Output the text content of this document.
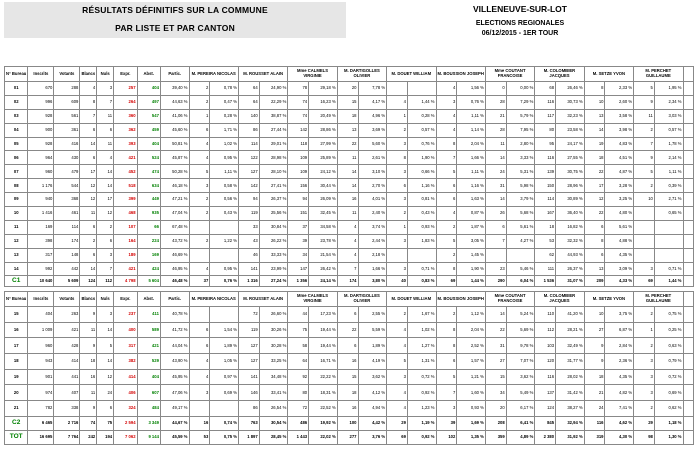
RÉSULTATS DÉFINITIFS SUR LA COMMUNE
PAR LISTE ET PAR CANTON
VILLENEUVE-SUR-LOT
ELECTIONS REGIONALES
06/12/2015 - 1ER TOUR
N° Bureau	Inscrits	Votants	Blancs	Nuls	Expr.	Abst.	Partic.	M. PEREIRA NICOLAS		M. ROUSSET ALAIN		Mme CALMELS VIRGINIE		M. DARTIGOLLES OLIVIER		M. DOUET WILLIAM		M. BOUSSION JOSEPH		Mme COUTANT FRANCOISE		M. COLOMBIER JACQUES		M. SETZE YVON		M. PERCHET GUILLAUME		
01	670	288	4	3	257	404	39,40 %	2	0,78 %	64	24,90 %	78	29,18 %	20	7,78 %			4	1,56 %	0	0,00 %	68	26,46 %	8	2,33 %	5	1,95 %	
02	996	609	8	7	264	497	44,63 %	2	0,47 %	64	22,29 %	74	16,23 %	15	4,17 %	4	1,44 %	3	0,76 %	28	7,29 %	116	30,73 %	10	2,60 %	9	2,34 %	
03	928	561	7	11	360	547	41,06 %	1	0,28 %	140	38,87 %	74	20,49 %	18	4,96 %	1	0,28 %	4	1,11 %	21	5,79 %	117	32,23 %	13	3,58 %	11	3,03 %	
04	900	361	6	6	362	459	45,60 %	6	1,71 %	86	27,44 %	142	28,86 %	13	3,69 %	2	0,57 %	4	1,14 %	28	7,95 %	80	23,58 %	14	3,98 %	2	0,57 %	
05	928	416	14	11	393	404	50,81 %	4	1,02 %	114	29,01 %	118	27,99 %	22	5,60 %	3	0,76 %	8	2,04 %	11	2,80 %	95	24,17 %	19	4,83 %	7	1,78 %	
06	964	430	6	4	421	524	45,87 %	4	0,95 %	122	28,98 %	109	25,89 %	11	2,61 %	8	1,90 %	7	1,66 %	14	3,33 %	116	27,55 %	18	4,51 %	9	2,14 %	
07	960	479	17	14	452	474	50,28 %	5	1,11 %	127	28,10 %	109	24,12 %	14	3,10 %	3	0,66 %	5	1,11 %	24	5,31 %	139	30,75 %	22	4,87 %	5	1,11 %	
08	1 176	544	12	14	518	634	46,18 %	3	0,58 %	142	27,41 %	156	30,44 %	14	2,70 %	6	1,16 %	6	1,16 %	31	5,98 %	150	28,96 %	17	3,28 %	2	0,39 %	
09	940	368	12	17	399	449	47,21 %	2	0,56 %	94	26,37 %	94	26,09 %	16	4,01 %	3	0,81 %	6	1,63 %	14	3,79 %	114	30,89 %	12	3,25 %	10	2,71 %	
10	1 416	461	11	12	468	935	47,04 %	2	0,43 %	119	25,56 %	151	32,45 %	11	2,40 %	2	0,43 %	4	0,87 %	26	5,68 %	167	36,40 %	22	4,80 %		0,65 %	
11	169	114	6	2	107	66	67,48 %			33	30,84 %	37	34,58 %	4	3,74 %	1	0,93 %	2	1,87 %	6	5,61 %	18	16,82 %	6	5,61 %			
12	398	174	2	6	164	224	43,72 %	2	1,22 %	43	26,22 %	39	23,78 %	4	2,44 %	3	1,83 %	5	3,05 %	7	4,27 %	53	32,32 %	8	4,88 %			
13	317	148	6	3	189	169	46,69 %			46	33,33 %	34	21,54 %	4	2,18 %			2	1,45 %			62	44,93 %	6	4,35 %			
14	992	442	14	7	421	424	46,95 %	4	0,95 %	141	23,99 %	147	26,42 %	7	1,66 %	3	0,71 %	8	1,90 %	23	5,46 %	111	26,37 %	13	3,09 %	3	0,71 %	
C1	10 640	5 609	124	112	4 798	5 604	46,48 %	37	0,76 %	1 316	27,24 %	1 356	24,14 %	174	3,80 %	40	0,83 %	69	1,44 %	290	6,04 %	1 536	31,07 %	209	4,33 %	69	1,44 %	
N° Bureau	Inscrits	Votants	Blancs	Nuls	Expr.	Abst.	Partic.	M. PEREIRA NICOLAS		M. ROUSSET ALAIN		Mme CALMELS VIRGINIE		M. DARTIGOLLES OLIVIER		M. DOUET WILLIAM		M. BOUSSION JOSEPH		Mme COUTANT FRANCOISE		M. COLOMBIER JACQUES		M. SETZE YVON		M. PERCHET GUILLAUME		
15	404	263	9	3	237	411	40,78 %			72	26,60 %	44	17,23 %	6	2,55 %	2	1,67 %	2	1,12 %	14	5,24 %	110	41,20 %	10	3,75 %	2	0,75 %	
16	1 009	421	11	14	400	589	41,72 %	6	1,54 %	119	30,26 %	75	19,44 %	22	5,59 %	4	1,02 %	8	2,04 %	22	5,69 %	112	28,21 %	27	6,87 %	1	0,25 %	
17	960	428	9	5	317	421	44,04 %	6	1,89 %	127	30,28 %	58	19,44 %	6	1,89 %	4	1,27 %	8	2,52 %	31	9,78 %	103	32,49 %	9	2,84 %	2	0,63 %	
18	943	414	18	14	382	529	43,90 %	4	1,05 %	127	33,25 %	64	16,71 %	16	4,19 %	5	1,31 %	6	1,57 %	27	7,07 %	120	31,77 %	9	2,36 %	3	0,79 %	
19	901	441	16	12	414	404	45,95 %	4	0,97 %	141	34,48 %	92	22,22 %	15	3,62 %	3	0,72 %	5	1,21 %	15	3,62 %	116	28,02 %	18	4,35 %	3	0,72 %	
20	974	407	11	24	406	607	47,06 %	3	0,69 %	146	33,41 %	80	18,31 %	18	4,12 %	4	0,92 %	7	1,60 %	34	5,49 %	137	31,42 %	21	4,82 %	3	0,69 %	
21	782	338	9	6	324	484	49,17 %			86	26,54 %	72	22,52 %	16	4,94 %	4	1,23 %	3	0,93 %	20	6,17 %	124	38,27 %	24	7,41 %	2	0,62 %	
C2	6 465	2 716	74	75	2 594	3 349	44,67 %	16	0,74 %	763	30,54 %	486	19,92 %	100	4,42 %	29	1,19 %	39	1,69 %	208	6,41 %	845	32,94 %	116	4,62 %	29	1,18 %	
TOT	16 695	7 764	242	194	7 062	9 144	45,59 %	53	0,75 %	1 897	28,45 %	1 443	22,02 %	277	3,76 %	69	0,92 %	102	1,35 %	359	4,89 %	2 380	31,92 %	319	4,30 %	98	1,30 %	
